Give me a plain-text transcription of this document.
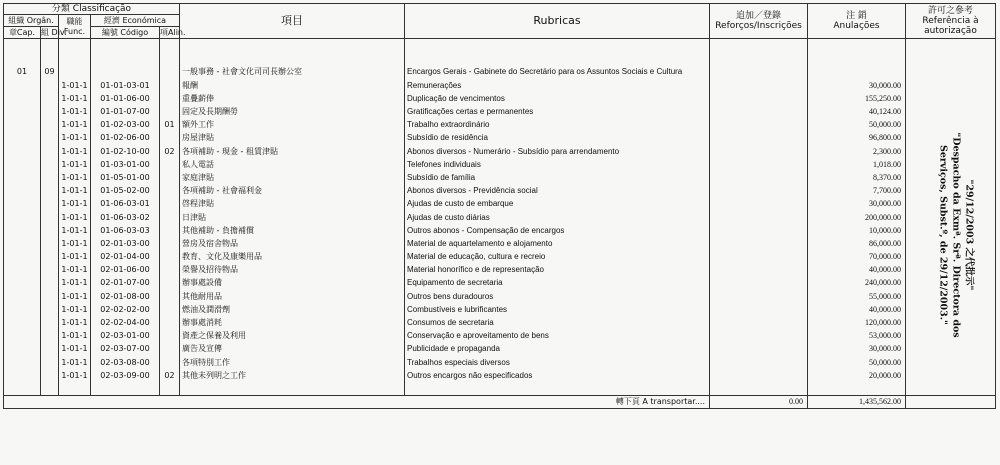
分類 Classificação					項目	Rubricas	追加／登錄 Reforços/Inscrições	注 銷
Anulações	許可之參考 Referência à autorização
組織 Orgân.		職能
Func.	經濟 Económica						
章Cap.	組 Div.		編號 Código	項Alin.					

01	09				一般事務 - 社會文化司司長辦公室	Encargos Gerais - Gabinete do Secretário para os Assuntos Sociais e Cultura			
		1-01-1	01-01-03-01		報酬	Remunerações		30,000.00	
		1-01-1	01-01-06-00		重疊薪俸	Duplicação de vencimentos		155,250.00	
		1-01-1	01-01-07-00		固定及長期酬勞	Gratificações certas e permanentes		40,124.00	
		1-01-1	01-02-03-00	01	額外工作	Trabalho extraordinário		50,000.00	
		1-01-1	01-02-06-00		房屋津貼	Subsídio de residência		96,800.00	
		1-01-1	01-02-10-00	02	各項補助 - 現金 - 租賃津貼	Abonos diversos - Numerário - Subsídio para arrendamento		2,300.00	
		1-01-1	01-03-01-00		私人電話	Telefones individuais		1,018.00	
		1-01-1	01-05-01-00		家庭津貼	Subsídio de família		8,370.00	
		1-01-1	01-05-02-00		各項補助 - 社會福利金	Abonos diversos - Previdência social		7,700.00	
		1-01-1	01-06-03-01		啓程津貼	Ajudas de custo de embarque		30,000.00	
		1-01-1	01-06-03-02		日津貼	Ajudas de custo diárias		200,000.00	
		1-01-1	01-06-03-03		其他補助 - 負擔補償	Outros abonos - Compensação de encargos		10,000.00	
		1-01-1	02-01-03-00		營房及宿舍物品	Material de aquartelamento e alojamento		86,000.00	
		1-01-1	02-01-04-00		教育、文化及康樂用品	Material de educação, cultura e recreio		70,000.00	
		1-01-1	02-01-06-00		榮譽及招待物品	Material honorífico e de representação		40,000.00	
		1-01-1	02-01-07-00		辦事處設備	Equipamento de secretaria		240,000.00	
		1-01-1	02-01-08-00		其他耐用品	Outros bens duradouros		55,000.00	
		1-01-1	02-02-02-00		燃油及潤滑劑	Combustíveis e lubrificantes		40,000.00	
		1-01-1	02-02-04-00		辦事處消耗	Consumos de secretaria		120,000.00	
		1-01-1	02-03-01-00		資產之保養及利用	Conservação e aproveitamento de bens		53,000.00	
		1-01-1	02-03-07-00		廣告及宣傳	Publicidade e propaganda		30,000.00	
		1-01-1	02-03-08-00		各項特別工作	Trabalhos especiais diversos		50,000.00	
		1-01-1	02-03-09-00	02	其他未列明之工作	Outros encargos não especificados		20,000.00	

轉下頁 A transportar....							0.00	1,435,562.00	
"29/12/2003 之代批示"
"Despacho da Exmª. Srª. Directora dos Serviços, Subst.º, de 29/12/2003."
